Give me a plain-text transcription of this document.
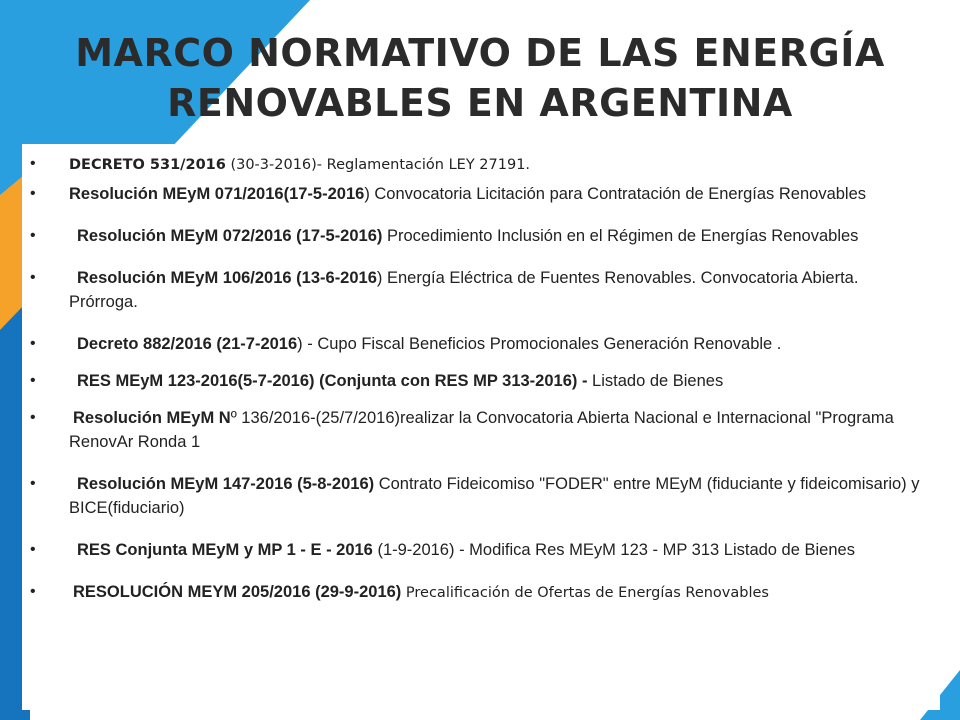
MARCO NORMATIVO DE LAS ENERGÍA
RENOVABLES EN ARGENTINA
• DECRETO 531/2016 (30-3-2016)- Reglamentación LEY 27191.
• Resolución MEyM 071/2016(17-5-2016) Convocatoria Licitación para Contratación de Energías Renovables
•	Resolución MEyM 072/2016 (17-5-2016) Procedimiento Inclusión en el Régimen de Energías Renovables
•	Resolución MEyM 106/2016 (13-6-2016) Energía Eléctrica de Fuentes Renovables. Convocatoria Abierta. Prórroga.
•	Decreto 882/2016 (21-7-2016) - Cupo Fiscal Beneficios Promocionales Generación Renovable .
•	RES MEyM 123-2016(5-7-2016) (Conjunta con RES MP 313-2016) - Listado de Bienes
• Resolución MEyM Nº 136/2016-(25/7/2016)realizar la Convocatoria Abierta Nacional e Internacional "Programa RenovAr Ronda 1
•	Resolución MEyM 147-2016 (5-8-2016) Contrato Fideicomiso "FODER" entre MEyM (fiduciante y fideicomisario) y BICE(fiduciario)
•	RES Conjunta MEyM y MP 1 - E - 2016 (1-9-2016) - Modifica Res MEyM 123 - MP 313 Listado de Bienes
• RESOLUCIÓN MEYM 205/2016 (29-9-2016) Precalificación de Ofertas de Energías Renovables
